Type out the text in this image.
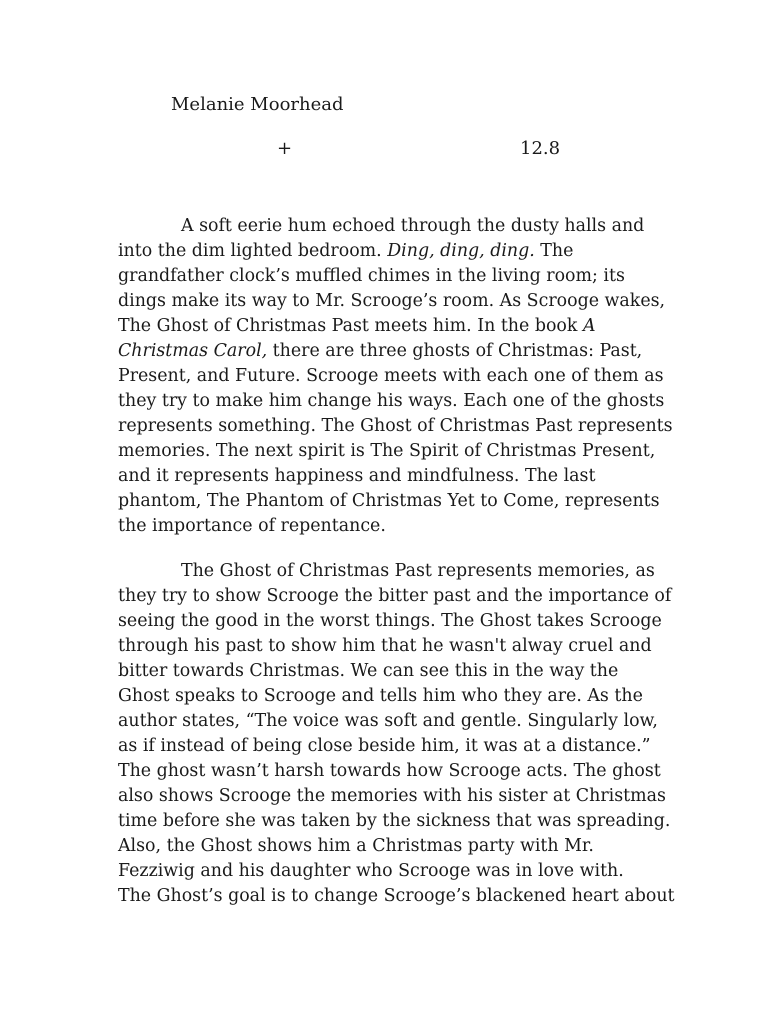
Melanie Moorhead
+	12.8
A soft eerie hum echoed through the dusty halls and
into the dim lighted bedroom. Ding, ding, ding. The
grandfather clock’s muffled chimes in the living room; its
dings make its way to Mr. Scrooge’s room. As Scrooge wakes,
The Ghost of Christmas Past meets him. In the book A
Christmas Carol, there are three ghosts of Christmas: Past,
Present, and Future. Scrooge meets with each one of them as
they try to make him change his ways. Each one of the ghosts
represents something. The Ghost of Christmas Past represents
memories. The next spirit is The Spirit of Christmas Present,
and it represents happiness and mindfulness. The last
phantom, The Phantom of Christmas Yet to Come, represents
the importance of repentance.
The Ghost of Christmas Past represents memories, as
they try to show Scrooge the bitter past and the importance of
seeing the good in the worst things. The Ghost takes Scrooge
through his past to show him that he wasn't alway cruel and
bitter towards Christmas. We can see this in the way the
Ghost speaks to Scrooge and tells him who they are. As the
author states, “The voice was soft and gentle. Singularly low,
as if instead of being close beside him, it was at a distance.”
The ghost wasn’t harsh towards how Scrooge acts. The ghost
also shows Scrooge the memories with his sister at Christmas
time before she was taken by the sickness that was spreading.
Also, the Ghost shows him a Christmas party with Mr.
Fezziwig and his daughter who Scrooge was in love with.
The Ghost’s goal is to change Scrooge’s blackened heart about
